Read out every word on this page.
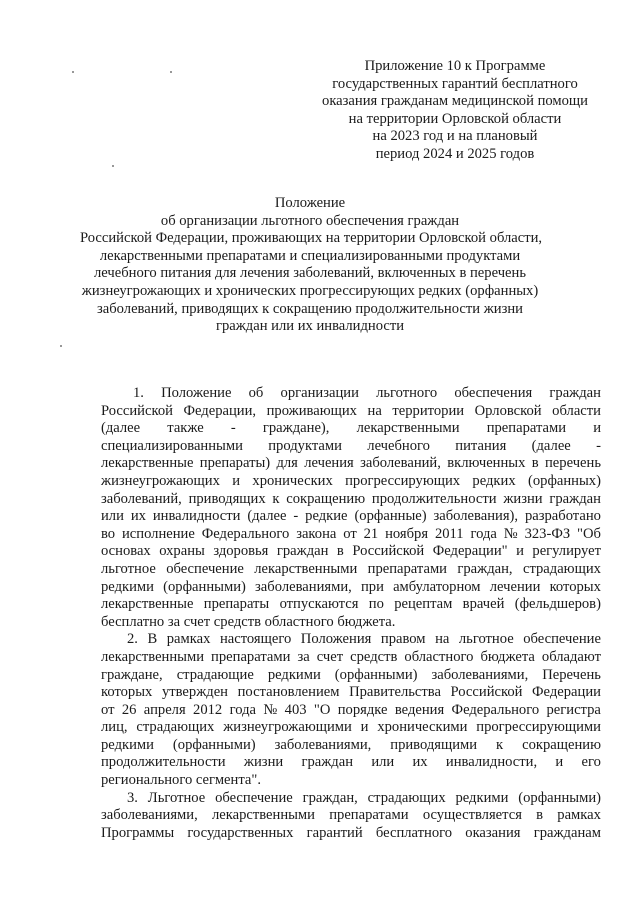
Приложение 10 к Программе
государственных гарантий бесплатного
оказания гражданам медицинской помощи
на территории Орловской области
на 2023 год и на плановый
период 2024 и 2025 годов
Положение
об организации льготного обеспечения граждан
Российской Федерации, проживающих на территории Орловской области,
лекарственными препаратами и специализированными продуктами
лечебного питания для лечения заболеваний, включенных в перечень
жизнеугрожающих и хронических прогрессирующих редких (орфанных)
заболеваний, приводящих к сокращению продолжительности жизни
граждан или их инвалидности
1. Положение об организации льготного обеспечения граждан
Российской Федерации, проживающих на территории Орловской области
(далее также - граждане), лекарственными препаратами и
специализированными продуктами лечебного питания (далее -
лекарственные препараты) для лечения заболеваний, включенных в перечень
жизнеугрожающих и хронических прогрессирующих редких (орфанных)
заболеваний, приводящих к сокращению продолжительности жизни граждан
или их инвалидности (далее - редкие (орфанные) заболевания), разработано
во исполнение Федерального закона от 21 ноября 2011 года № 323-ФЗ "Об
основах охраны здоровья граждан в Российской Федерации" и регулирует
льготное обеспечение лекарственными препаратами граждан, страдающих
редкими (орфанными) заболеваниями, при амбулаторном лечении которых
лекарственные препараты отпускаются по рецептам врачей (фельдшеров)
бесплатно за счет средств областного бюджета.
2. В рамках настоящего Положения правом на льготное обеспечение
лекарственными препаратами за счет средств областного бюджета обладают
граждане, страдающие редкими (орфанными) заболеваниями, Перечень
которых утвержден постановлением Правительства Российской Федерации
от 26 апреля 2012 года № 403 "О порядке ведения Федерального регистра
лиц, страдающих жизнеугрожающими и хроническими прогрессирующими
редкими (орфанными) заболеваниями, приводящими к сокращению
продолжительности жизни граждан или их инвалидности, и его
регионального сегмента".
3. Льготное обеспечение граждан, страдающих редкими (орфанными)
заболеваниями, лекарственными препаратами осуществляется в рамках
Программы государственных гарантий бесплатного оказания гражданам
